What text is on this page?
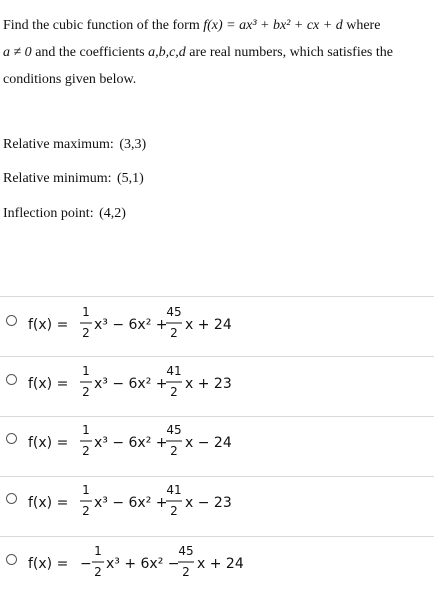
Find the cubic function of the form f(x) = ax³ + bx² + cx + d where

a ≠ 0 and the coefficients a,b,c,d are real numbers, which satisfies the

conditions given below.

Relative maximum: (3,3)
Relative minimum: (5,1)
Inflection point: (4,2)
f(x) =
1
2 x³ − 6x² +
45
2 x + 24
f(x) =
1
2 x³ − 6x² +
41
2 x + 23
f(x) =
1
2 x³ − 6x² +
45
2 x − 24
f(x) =
1
2 x³ − 6x² +
41
2 x − 23
f(x) = −
1
2 x³ + 6x² −
45
2 x + 24
